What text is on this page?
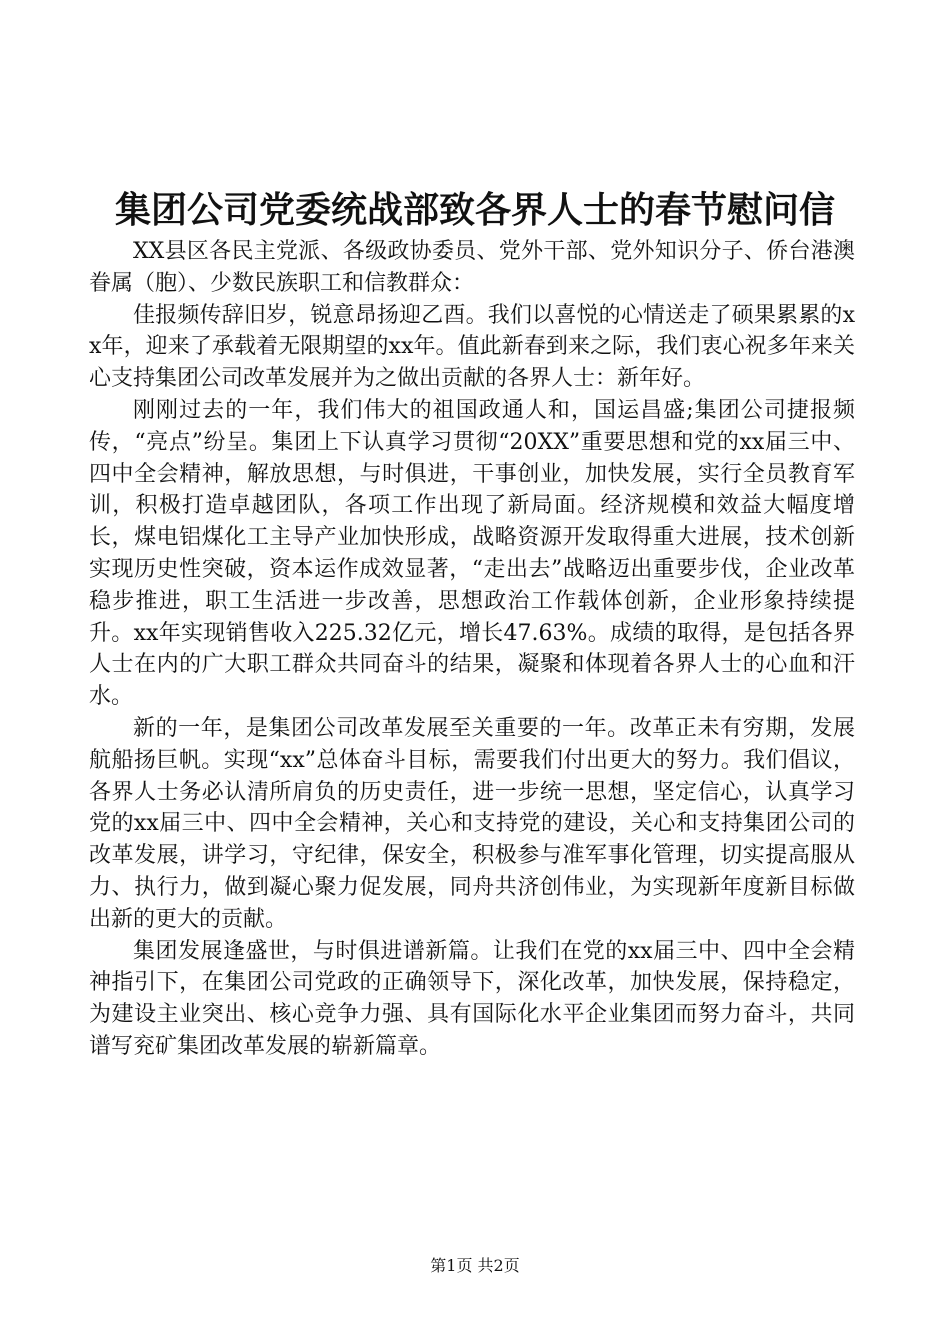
集团公司党委统战部致各界人士的春节慰问信

XX县区各民主党派、各级政协委员、党外干部、党外知识分子、侨台港澳眷属（胞）、少数民族职工和信教群众：

佳报频传辞旧岁，锐意昂扬迎乙酉。我们以喜悦的心情送走了硕果累累的xx年，迎来了承载着无限期望的xx年。值此新春到来之际，我们衷心祝多年来关心支持集团公司改革发展并为之做出贡献的各界人士：新年好。

刚刚过去的一年，我们伟大的祖国政通人和，国运昌盛;集团公司捷报频传，“亮点”纷呈。集团上下认真学习贯彻“20XX”重要思想和党的xx届三中、四中全会精神，解放思想，与时俱进，干事创业，加快发展，实行全员教育军训，积极打造卓越团队，各项工作出现了新局面。经济规模和效益大幅度增长，煤电铝煤化工主导产业加快形成，战略资源开发取得重大进展，技术创新实现历史性突破，资本运作成效显著，“走出去”战略迈出重要步伐，企业改革稳步推进，职工生活进一步改善，思想政治工作载体创新，企业形象持续提升。xx年实现销售收入225.32亿元，增长47.63%。成绩的取得，是包括各界人士在内的广大职工群众共同奋斗的结果，凝聚和体现着各界人士的心血和汗水。

新的一年，是集团公司改革发展至关重要的一年。改革正未有穷期，发展航船扬巨帆。实现“xx”总体奋斗目标，需要我们付出更大的努力。我们倡议，各界人士务必认清所肩负的历史责任，进一步统一思想，坚定信心，认真学习党的xx届三中、四中全会精神，关心和支持党的建设，关心和支持集团公司的改革发展，讲学习，守纪律，保安全，积极参与准军事化管理，切实提高服从力、执行力，做到凝心聚力促发展，同舟共济创伟业，为实现新年度新目标做出新的更大的贡献。

集团发展逢盛世，与时俱进谱新篇。让我们在党的xx届三中、四中全会精神指引下，在集团公司党政的正确领导下，深化改革，加快发展，保持稳定，为建设主业突出、核心竞争力强、具有国际化水平企业集团而努力奋斗，共同谱写兖矿集团改革发展的崭新篇章。

第1页 共2页
